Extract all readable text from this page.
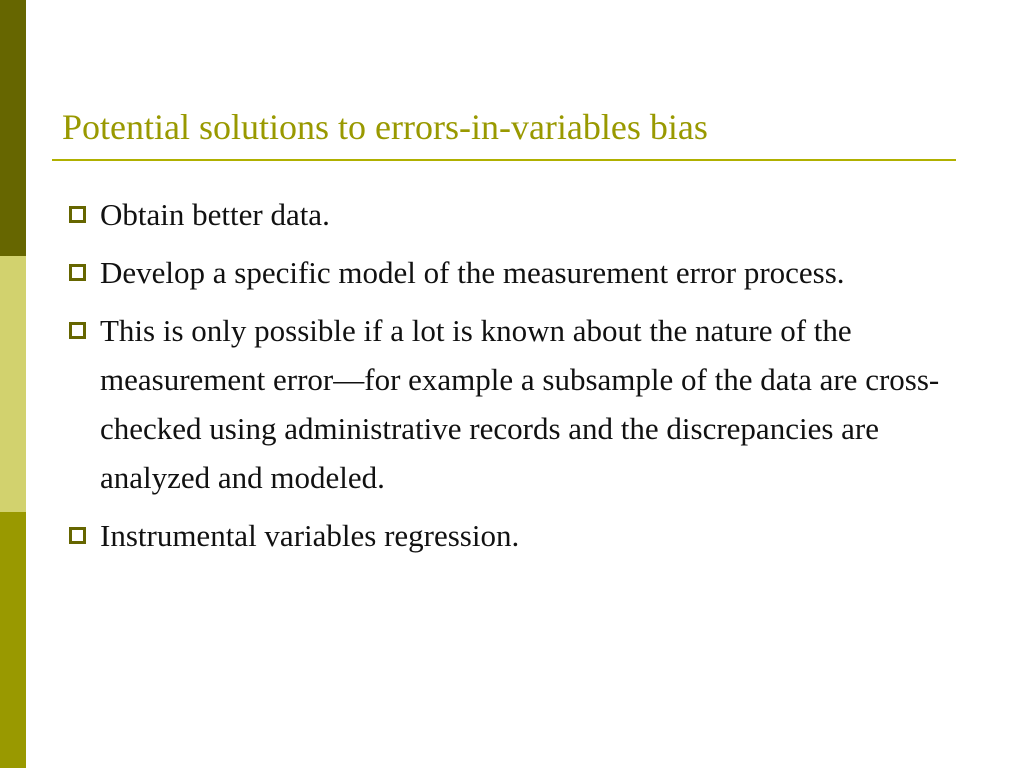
Potential solutions to errors-in-variables bias
Obtain better data.
Develop a specific model of the measurement error process.
This is only possible if a lot is known about the nature of the measurement error—for example a subsample of the data are cross-checked using administrative records and the discrepancies are analyzed and modeled.
Instrumental variables regression.
